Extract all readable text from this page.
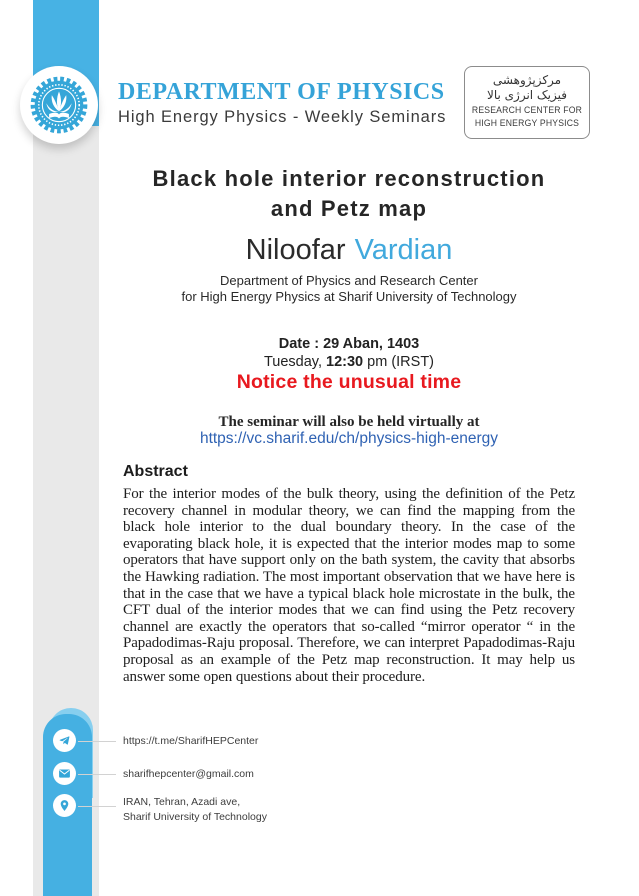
DEPARTMENT OF PHYSICS
High Energy Physics - Weekly Seminars
مرکزپژوهشی
فیزیک انرژی بالا
RESEARCH CENTER FOR
HIGH ENERGY PHYSICS
Black hole interior reconstruction
and Petz map
Niloofar Vardian
Department of Physics and Research Center
for High Energy Physics at Sharif University of Technology
Date : 29 Aban, 1403
Tuesday, 12:30 pm (IRST)
Notice the unusual time
The seminar will also be held virtually at
https://vc.sharif.edu/ch/physics-high-energy
Abstract
For the interior modes of the bulk theory, using the definition of the Petz recovery channel in modular theory, we can find the mapping from the black hole interior to the dual boundary theory. In the case of the evaporating black hole, it is expected that the interior modes map to some operators that have support only on the bath system, the cavity that absorbs the Hawking radiation. The most important observation that we have here is that in the case that we have a typical black hole microstate in the bulk, the CFT dual of the interior modes that we can find using the Petz recovery channel are exactly the operators that so-called “mirror operator “ in the Papadodimas-Raju proposal. Therefore, we can interpret Papadodimas-Raju proposal as an example of the Petz map reconstruction. It may help us answer some open questions about their procedure.
https://t.me/SharifHEPCenter
sharifhepcenter@gmail.com
IRAN, Tehran, Azadi ave,
Sharif University of Technology
